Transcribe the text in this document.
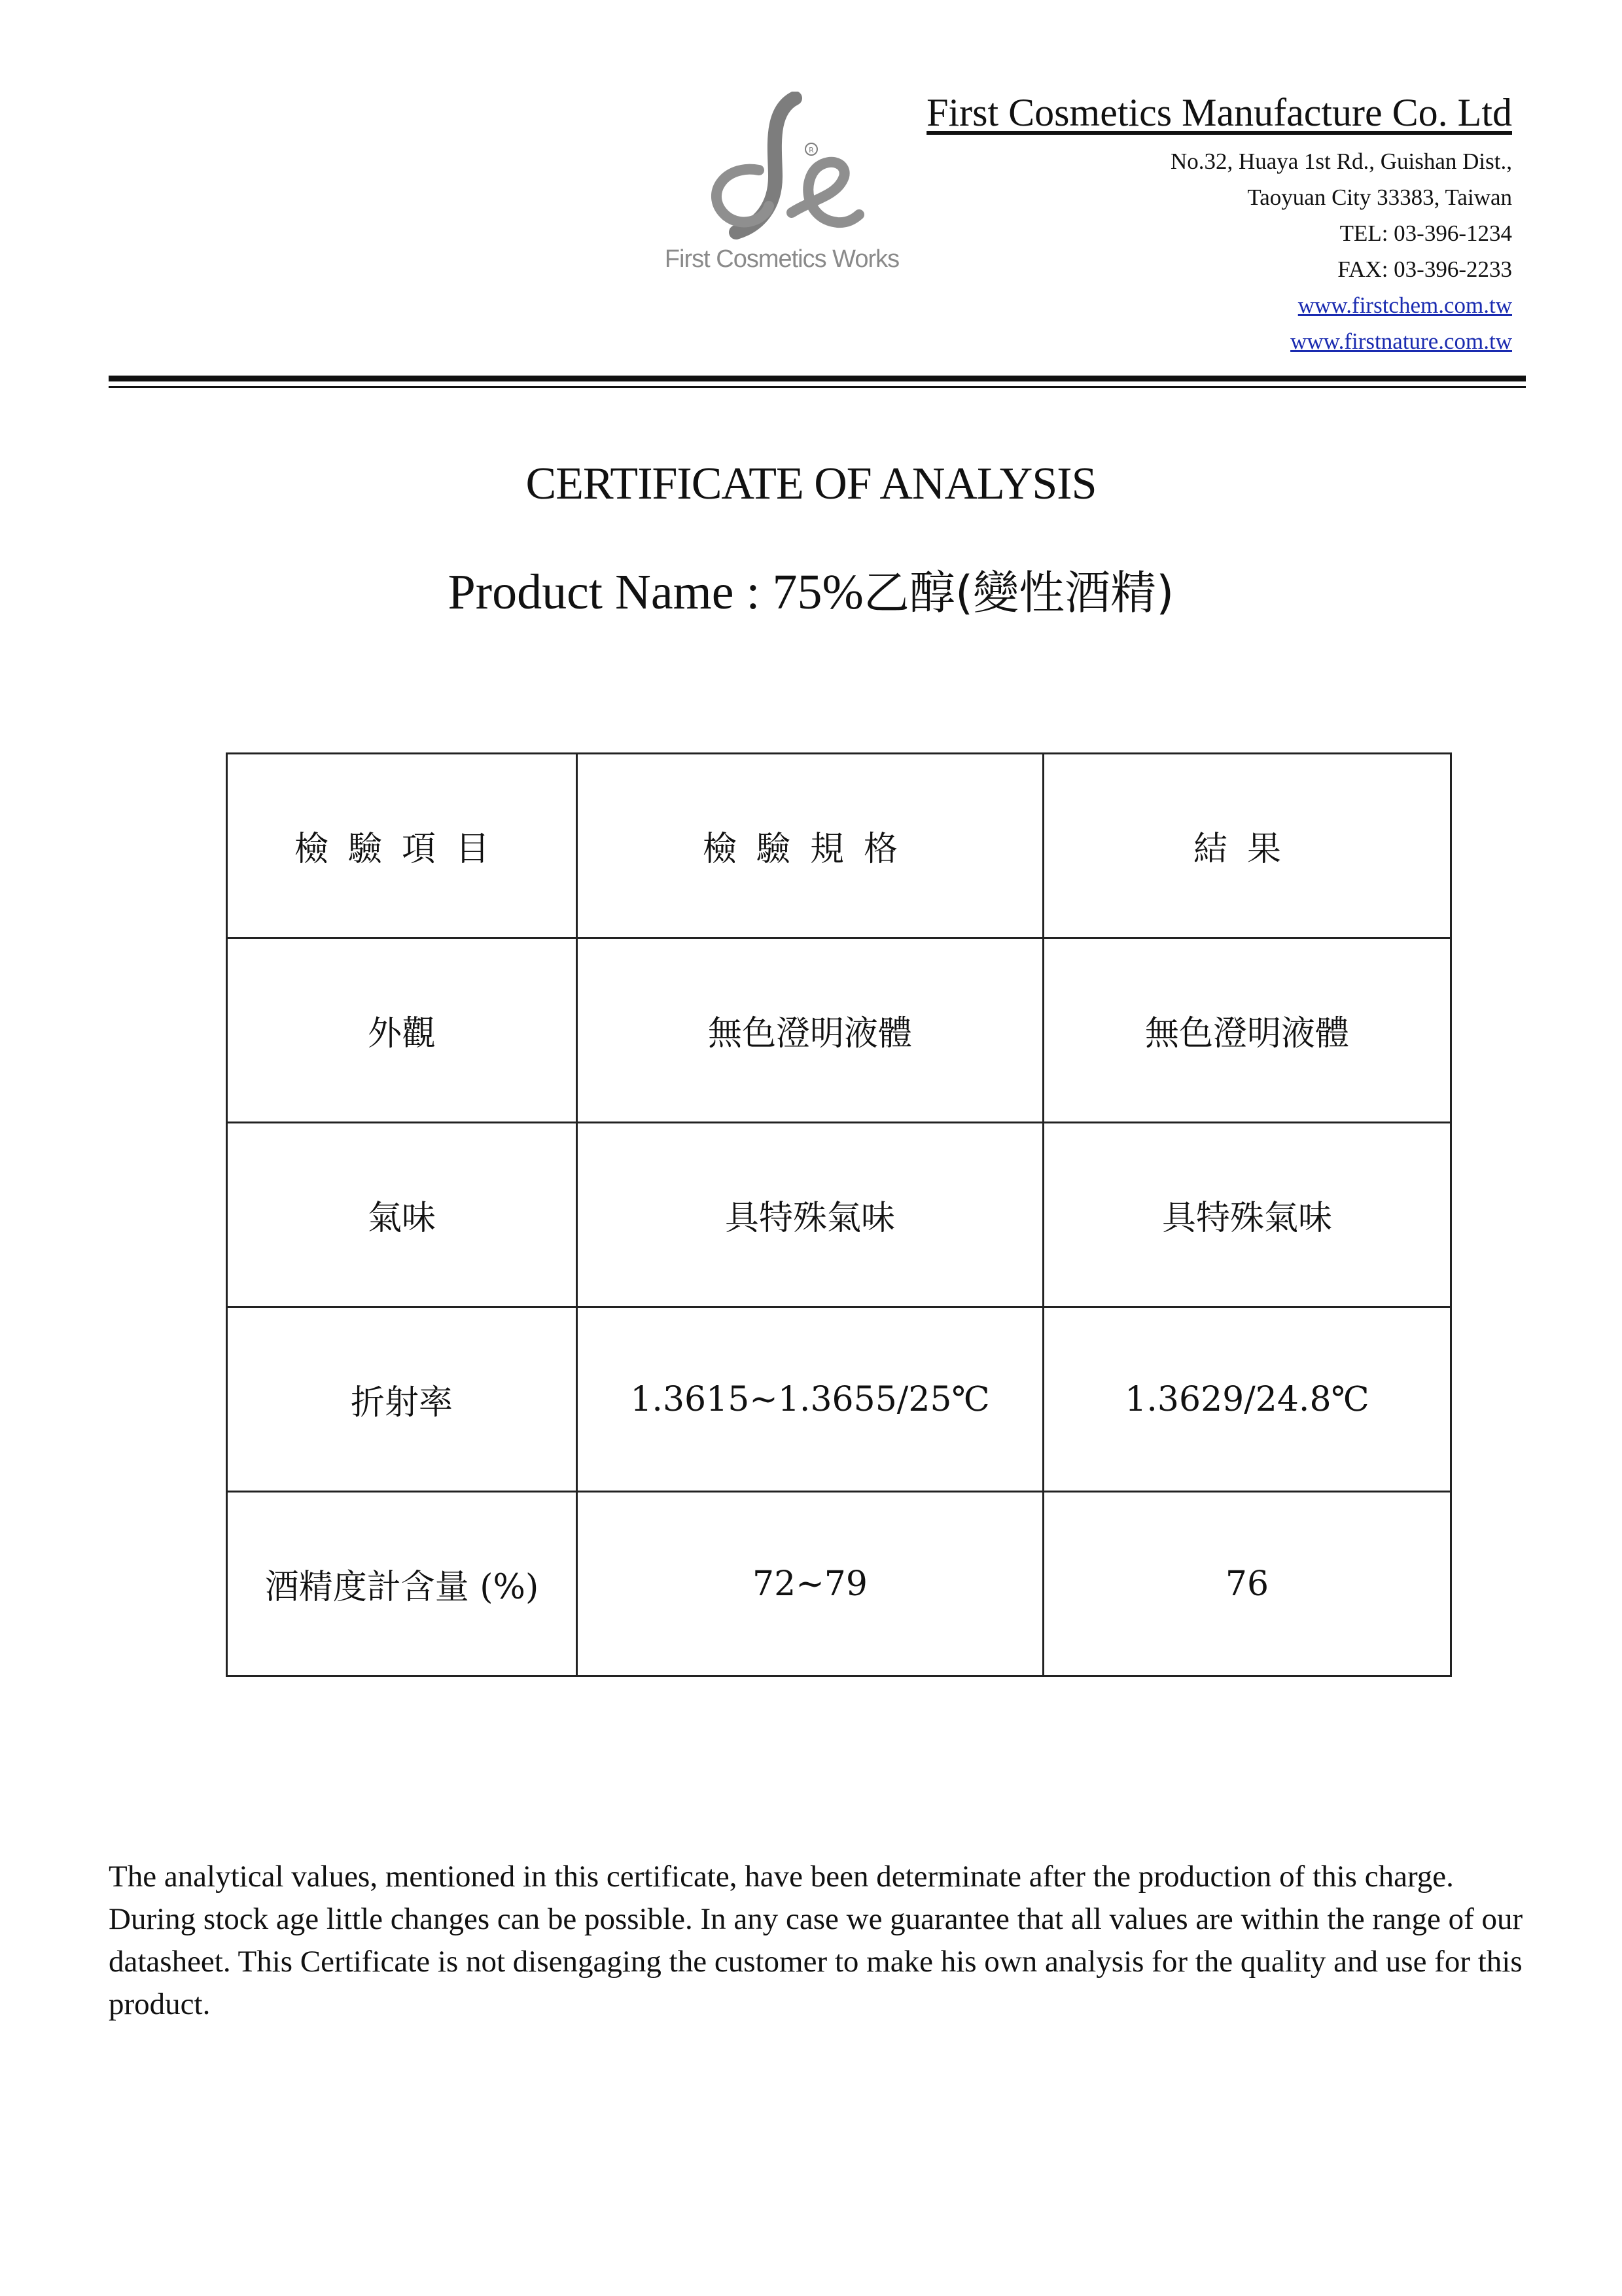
R
First Cosmetics Works
First Cosmetics Manufacture Co. Ltd
No.32, Huaya 1st Rd., Guishan Dist.,
Taoyuan City 33383, Taiwan
TEL: 03-396-1234
FAX: 03-396-2233
www.firstchem.com.tw
www.firstnature.com.tw
CERTIFICATE OF ANALYSIS
Product Name : 75%乙醇(變性酒精)
檢驗項目	檢驗規格	結果
外觀	無色澄明液體	無色澄明液體
氣味	具特殊氣味	具特殊氣味
折射率	1.3615~1.3655/25℃	1.3629/24.8℃
酒精度計含量 (%)	72~79	76
The analytical values, mentioned in this certificate, have been determinate after the production of this charge. During stock age little changes can be possible. In any case we guarantee that all values are within the range of our datasheet. This Certificate is not disengaging the customer to make his own analysis for the quality and use for this product.
